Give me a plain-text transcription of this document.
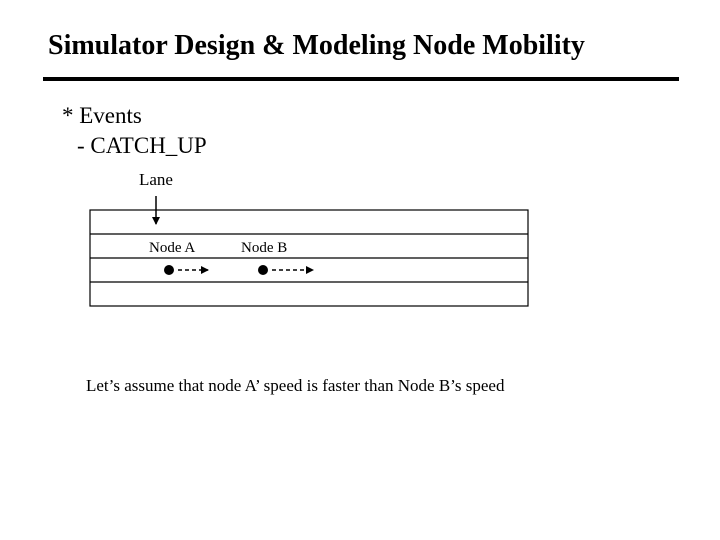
Simulator Design & Modeling Node Mobility
* Events
- CATCH_UP
Lane
Node A	Node B
Let’s assume that node A’ speed is faster than Node B’s speed
